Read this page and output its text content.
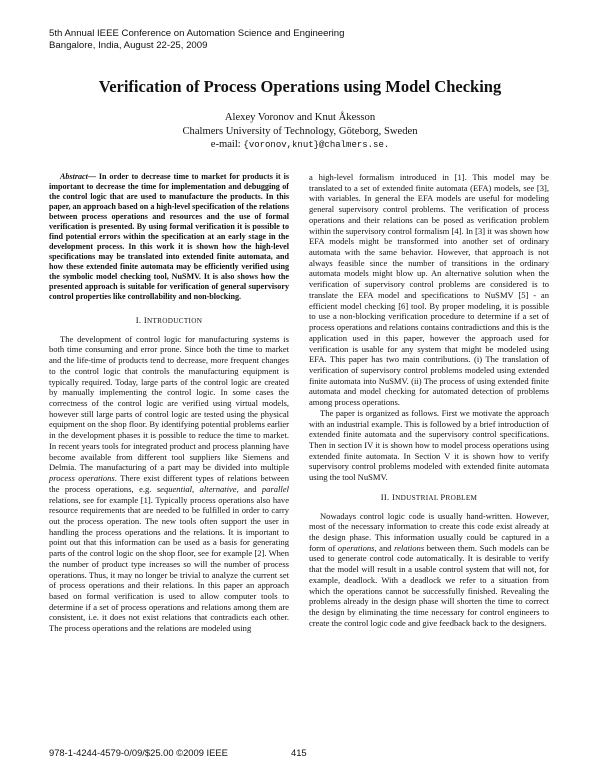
5th Annual IEEE Conference on Automation Science and Engineering
Bangalore, India, August 22-25, 2009
Verification of Process Operations using Model Checking
Alexey Voronov and Knut Åkesson
Chalmers University of Technology, Göteborg, Sweden
e-mail: {voronov,knut}@chalmers.se.

Abstract— In order to decrease time to market for products it is important to decrease the time for implementation and debugging of the control logic that are used to manufacture the products. In this paper, an approach based on a high-level specification of the relations between process operations and resources and the use of formal verification is presented. By using formal verification it is possible to find potential errors within the specification at an early stage in the development process. In this work it is shown how the high-level specifications may be translated into extended finite automata, and how these extended finite automata may be efficiently verified using the symbolic model checking tool, NuSMV. It is also shows how the presented approach is suitable for verification of general supervisory control properties like controllability and non-blocking.

I. INTRODUCTION

The development of control logic for manufacturing systems is both time consuming and error prone. Since both the time to market and the life-time of products tend to decrease, more frequent changes to the control logic that controls the manufacturing equipment is typically required. Today, large parts of the control logic are created by manually implementing the control logic. In some cases the correctness of the control logic are verified using virtual models, however still large parts of control logic are tested using the physical equipment on the shop floor. By identifying potential problems earlier in the development phases it is possible to reduce the time to market. In recent years tools for integrated product and process planning have become available from different tool suppliers like Siemens and Delmia. The manufacturing of a part may be divided into multiple process operations. There exist different types of relations between the process operations, e.g. sequential, alternative, and parallel relations, see for example [1]. Typically process operations also have resource requirements that are needed to be fulfilled in order to carry out the process operation. The new tools often support the user in handling the process operations and the relations. It is important to point out that this information can be used as a basis for generating parts of the control logic on the shop floor, see for example [2]. When the number of product type increases so will the number of process operations. Thus, it may no longer be trivial to analyze the current set of process operations and their relations. In this paper an approach based on formal verification is used to allow computer tools to determine if a set of process operations and relations among them are consistent, i.e. it does not exist relations that contradicts each other. The process operations and the relations are modeled using

a high-level formalism introduced in [1]. This model may be translated to a set of extended finite automata (EFA) models, see [3], with variables. In general the EFA models are useful for modeling general supervisory control problems. The verification of process operations and their relations can be posed as verification problem within the supervisory control formalism [4]. In [3] it was shown how EFA models might be transformed into another set of ordinary automata with the same behavior. However, that approach is not always feasible since the number of transitions in the ordinary automata models might blow up. An alternative solution when the verification of supervisory control problems are considered is to translate the EFA model and specifications to NuSMV [5] - an efficient model checking [6] tool. By proper modeling, it is possible to use a non-blocking verification procedure to determine if a set of process operations and relations contains contradictions and this is the application used in this paper, however the approach used for verification is usable for any system that might be modeled using EFA. This paper has two main contributions. (i) The translation of verification of supervisory control problems modeled using extended finite automata into NuSMV. (ii) The process of using extended finite automata and model checking for automated detection of problems among process operations.

The paper is organized as follows. First we motivate the approach with an industrial example. This is followed by a brief introduction of extended finite automata and the supervisory control specifications. Then in section IV it is shown how to model process operations using extended finite automata. In Section V it is shown how to verify supervisory control problems modeled with extended finite automata using the tool NuSMV.

II. INDUSTRIAL PROBLEM

Nowadays control logic code is usually hand-written. However, most of the necessary information to create this code exist already at the design phase. This information usually could be captured in a form of operations, and relations between them. Such models can be used to generate control code automatically. It is desirable to verify that the model will result in a usable control system that will not, for example, deadlock. With a deadlock we refer to a situation from which the operations cannot be successfully finished. Revealing the problems already in the design phase will shorten the time to correct the design by eliminating the time necessary for control engineers to create the control logic code and give feedback back to the designers.

978-1-4244-4579-0/09/$25.00 ©2009 IEEE	415
